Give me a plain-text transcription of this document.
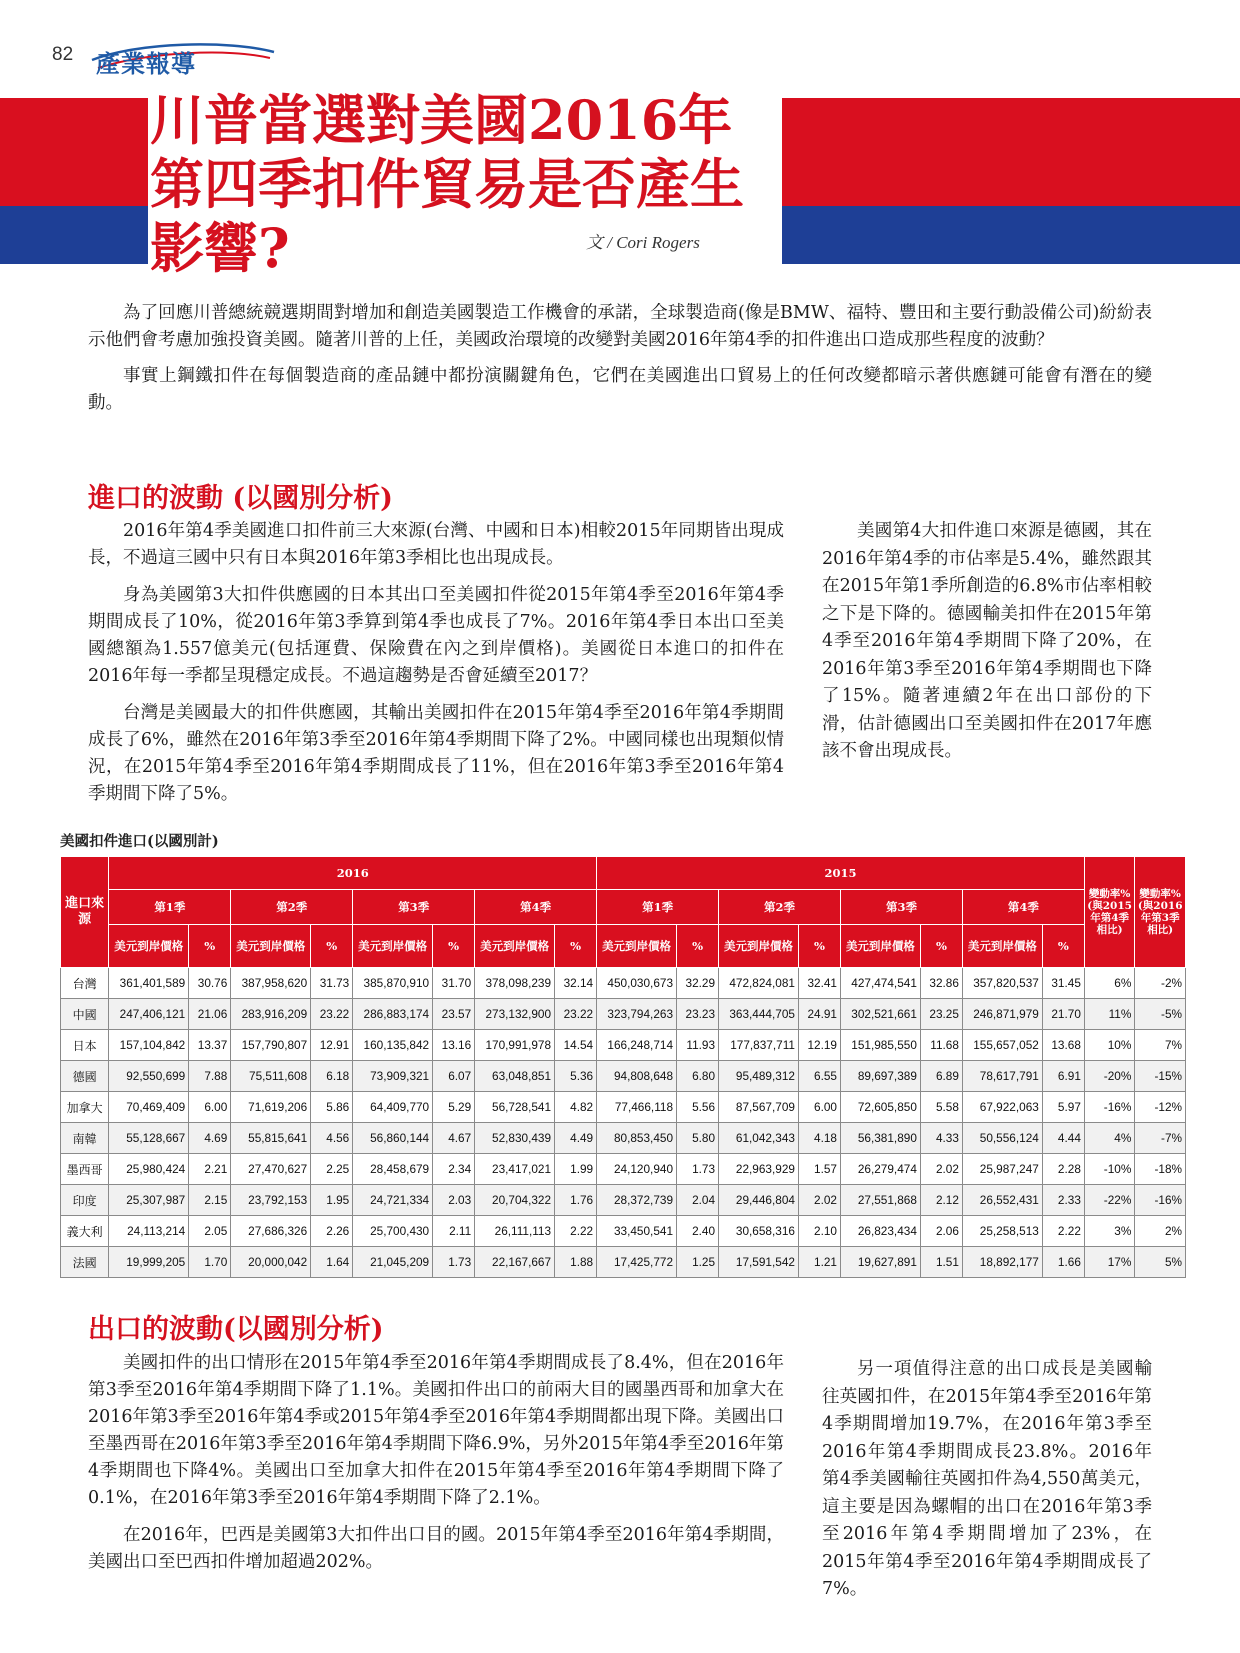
82 產業報導
川普當選對美國2016年
第四季扣件貿易是否產生
影響?	文 / Cori Rogers

為了回應川普總統競選期間對增加和創造美國製造工作機會的承諾，全球製造商(像是BMW、福特、豐田和主要行動設備公司)紛紛表示他們會考慮加強投資美國。隨著川普的上任，美國政治環境的改變對美國2016年第4季的扣件進出口造成那些程度的波動？

事實上鋼鐵扣件在每個製造商的產品鏈中都扮演關鍵角色，它們在美國進出口貿易上的任何改變都暗示著供應鏈可能會有潛在的變動。

進口的波動 (以國別分析)

2016年第4季美國進口扣件前三大來源(台灣、中國和日本)相較2015年同期皆出現成長，不過這三國中只有日本與2016年第3季相比也出現成長。

身為美國第3大扣件供應國的日本其出口至美國扣件從2015年第4季至2016年第4季期間成長了10%，從2016年第3季算到第4季也成長了7%。2016年第4季日本出口至美國總額為1.557億美元(包括運費、保險費在內之到岸價格)。美國從日本進口的扣件在2016年每一季都呈現穩定成長。不過這趨勢是否會延續至2017？

台灣是美國最大的扣件供應國，其輸出美國扣件在2015年第4季至2016年第4季期間成長了6%，雖然在2016年第3季至2016年第4季期間下降了2%。中國同樣也出現類似情況，在2015年第4季至2016年第4季期間成長了11%，但在2016年第3季至2016年第4季期間下降了5%。

美國第4大扣件進口來源是德國，其在2016年第4季的市佔率是5.4%，雖然跟其在2015年第1季所創造的6.8%市佔率相較之下是下降的。德國輸美扣件在2015年第4季至2016年第4季期間下降了20%，在2016年第3季至2016年第4季期間也下降了15%。隨著連續2年在出口部份的下滑，估計德國出口至美國扣件在2017年應該不會出現成長。

美國扣件進口(以國別計)
進口來源	2016								2015								變動率%(與2015年第4季相比)	變動率%(與2016年第3季相比)
	第1季		第2季		第3季		第4季		第1季		第2季		第3季		第4季			
	美元到岸價格	%	美元到岸價格	%	美元到岸價格	%	美元到岸價格	%	美元到岸價格	%	美元到岸價格	%	美元到岸價格	%	美元到岸價格	%		
台灣	361,401,589	30.76	387,958,620	31.73	385,870,910	31.70	378,098,239	32.14	450,030,673	32.29	472,824,081	32.41	427,474,541	32.86	357,820,537	31.45	6%	-2%
中國	247,406,121	21.06	283,916,209	23.22	286,883,174	23.57	273,132,900	23.22	323,794,263	23.23	363,444,705	24.91	302,521,661	23.25	246,871,979	21.70	11%	-5%
日本	157,104,842	13.37	157,790,807	12.91	160,135,842	13.16	170,991,978	14.54	166,248,714	11.93	177,837,711	12.19	151,985,550	11.68	155,657,052	13.68	10%	7%
德國	92,550,699	7.88	75,511,608	6.18	73,909,321	6.07	63,048,851	5.36	94,808,648	6.80	95,489,312	6.55	89,697,389	6.89	78,617,791	6.91	-20%	-15%
加拿大	70,469,409	6.00	71,619,206	5.86	64,409,770	5.29	56,728,541	4.82	77,466,118	5.56	87,567,709	6.00	72,605,850	5.58	67,922,063	5.97	-16%	-12%
南韓	55,128,667	4.69	55,815,641	4.56	56,860,144	4.67	52,830,439	4.49	80,853,450	5.80	61,042,343	4.18	56,381,890	4.33	50,556,124	4.44	4%	-7%
墨西哥	25,980,424	2.21	27,470,627	2.25	28,458,679	2.34	23,417,021	1.99	24,120,940	1.73	22,963,929	1.57	26,279,474	2.02	25,987,247	2.28	-10%	-18%
印度	25,307,987	2.15	23,792,153	1.95	24,721,334	2.03	20,704,322	1.76	28,372,739	2.04	29,446,804	2.02	27,551,868	2.12	26,552,431	2.33	-22%	-16%
義大利	24,113,214	2.05	27,686,326	2.26	25,700,430	2.11	26,111,113	2.22	33,450,541	2.40	30,658,316	2.10	26,823,434	2.06	25,258,513	2.22	3%	2%
法國	19,999,205	1.70	20,000,042	1.64	21,045,209	1.73	22,167,667	1.88	17,425,772	1.25	17,591,542	1.21	19,627,891	1.51	18,892,177	1.66	17%	5%
出口的波動(以國別分析)

美國扣件的出口情形在2015年第4季至2016年第4季期間成長了8.4%，但在2016年第3季至2016年第4季期間下降了1.1%。美國扣件出口的前兩大目的國墨西哥和加拿大在2016年第3季至2016年第4季或2015年第4季至2016年第4季期間都出現下降。美國出口至墨西哥在2016年第3季至2016年第4季期間下降6.9%，另外2015年第4季至2016年第4季期間也下降4%。美國出口至加拿大扣件在2015年第4季至2016年第4季期間下降了0.1%，在2016年第3季至2016年第4季期間下降了2.1%。

在2016年，巴西是美國第3大扣件出口目的國。2015年第4季至2016年第4季期間，美國出口至巴西扣件增加超過202%。

另一項值得注意的出口成長是美國輸往英國扣件，在2015年第4季至2016年第4季期間增加19.7%，在2016年第3季至2016年第4季期間成長23.8%。2016年第4季美國輸往英國扣件為4,550萬美元，這主要是因為螺帽的出口在2016年第3季至2016年第4季期間增加了23%，在2015年第4季至2016年第4季期間成長了7%。
